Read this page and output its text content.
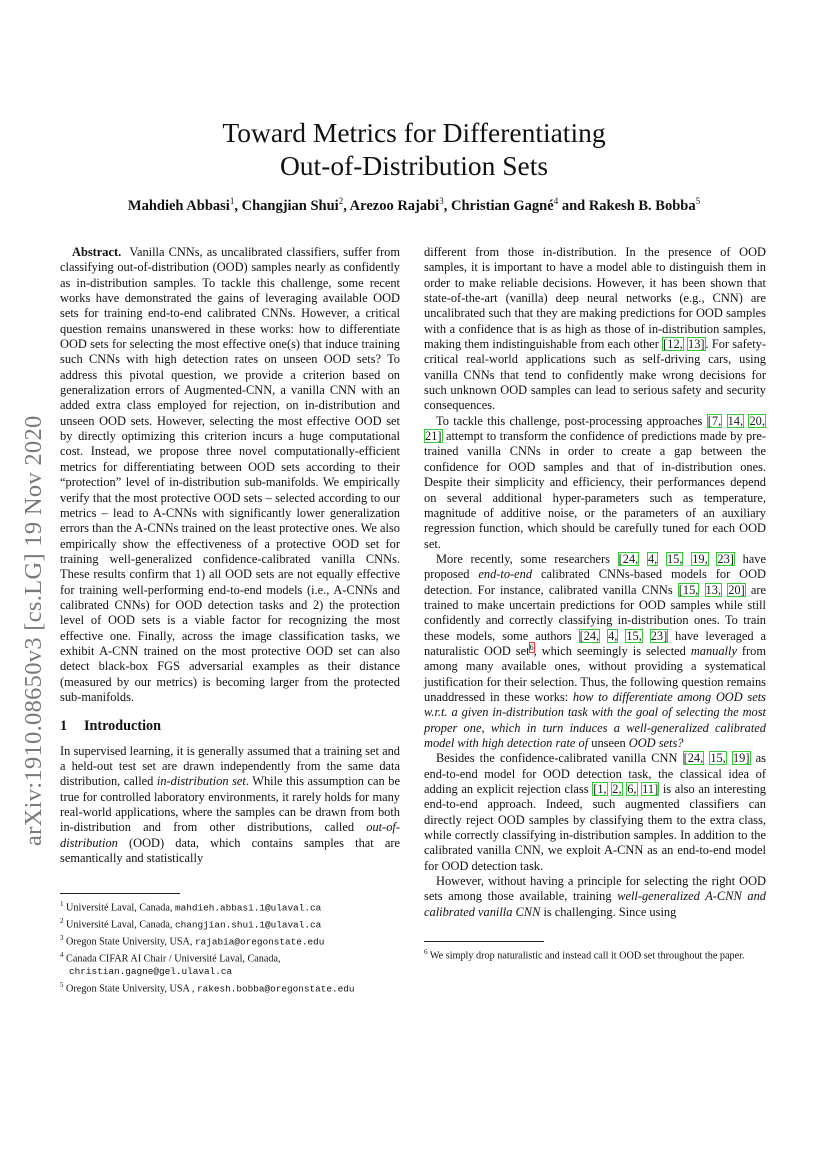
arXiv:1910.08650v3 [cs.LG] 19 Nov 2020
Toward Metrics for Differentiating
Out-of-Distribution Sets
Mahdieh Abbasi$^1$, Changjian Shui$^2$, Arezoo Rajabi$^3$, Christian Gagné$^4$ and Rakesh B. Bobba$^5$

Abstract. Vanilla CNNs, as uncalibrated classifiers, suffer from classifying out-of-distribution (OOD) samples nearly as confidently as in-distribution samples. To tackle this challenge, some recent works have demonstrated the gains of leveraging available OOD sets for training end-to-end calibrated CNNs. However, a critical question remains unanswered in these works: how to differentiate OOD sets for selecting the most effective one(s) that induce training such CNNs with high detection rates on unseen OOD sets? To address this pivotal question, we provide a criterion based on generalization errors of Augmented-CNN, a vanilla CNN with an added extra class employed for rejection, on in-distribution and unseen OOD sets. However, selecting the most effective OOD set by directly optimizing this criterion incurs a huge computational cost. Instead, we propose three novel computationally-efficient metrics for differentiating between OOD sets according to their “protection” level of in-distribution sub-manifolds. We empirically verify that the most protective OOD sets – selected according to our metrics – lead to A-CNNs with significantly lower generalization errors than the A-CNNs trained on the least protective ones. We also empirically show the effectiveness of a protective OOD set for training well-generalized confidence-calibrated vanilla CNNs. These results confirm that 1) all OOD sets are not equally effective for training well-performing end-to-end models (i.e., A-CNNs and calibrated CNNs) for OOD detection tasks and 2) the protection level of OOD sets is a viable factor for recognizing the most effective one. Finally, across the image classification tasks, we exhibit A-CNN trained on the most protective OOD set can also detect black-box FGS adversarial examples as their distance (measured by our metrics) is becoming larger from the protected sub-manifolds.

1 Introduction

In supervised learning, it is generally assumed that a training set and a held-out test set are drawn independently from the same data distribution, called in-distribution set. While this assumption can be true for controlled laboratory environments, it rarely holds for many real-world applications, where the samples can be drawn from both in-distribution and from other distributions, called out-of-distribution (OOD) data, which contains samples that are semantically and statistically

different from those in-distribution. In the presence of OOD samples, it is important to have a model able to distinguish them in order to make reliable decisions. However, it has been shown that state-of-the-art (vanilla) deep neural networks (e.g., CNN) are uncalibrated such that they are making predictions for OOD samples with a confidence that is as high as those of in-distribution samples, making them indistinguishable from each other [12, 13]. For safety-critical real-world applications such as self-driving cars, using vanilla CNNs that tend to confidently make wrong decisions for such unknown OOD samples can lead to serious safety and security consequences.

To tackle this challenge, post-processing approaches [7, 14, 20, 21] attempt to transform the confidence of predictions made by pre-trained vanilla CNNs in order to create a gap between the confidence for OOD samples and that of in-distribution ones. Despite their simplicity and efficiency, their performances depend on several additional hyper-parameters such as temperature, magnitude of additive noise, or the parameters of an auxiliary regression function, which should be carefully tuned for each OOD set.

More recently, some researchers [24, 4, 15, 19, 23] have proposed end-to-end calibrated CNNs-based models for OOD detection. For instance, calibrated vanilla CNNs [15, 13, 20] are trained to make uncertain predictions for OOD samples while still confidently and correctly classifying in-distribution ones. To train these models, some authors [24, 4, 15, 23] have leveraged a naturalistic OOD set$^6$, which seemingly is selected manually from among many available ones, without providing a systematical justification for their selection. Thus, the following question remains unaddressed in these works: how to differentiate among OOD sets w.r.t. a given in-distribution task with the goal of selecting the most proper one, which in turn induces a well-generalized calibrated model with high detection rate of unseen OOD sets?

Besides the confidence-calibrated vanilla CNN [24, 15, 19] as end-to-end model for OOD detection task, the classical idea of adding an explicit rejection class [1, 2, 6, 11] is also an interesting end-to-end approach. Indeed, such augmented classifiers can directly reject OOD samples by classifying them to the extra class, while correctly classifying in-distribution samples. In addition to the calibrated vanilla CNN, we exploit A-CNN as an end-to-end model for OOD detection task.

However, without having a principle for selecting the right OOD sets among those available, training well-generalized A-CNN and calibrated vanilla CNN is challenging. Since using

$^1$ Université Laval, Canada, mahdieh.abbasi.1@ulaval.ca

$^2$ Université Laval, Canada, changjian.shui.1@ulaval.ca

$^3$ Oregon State University, USA, rajabia@oregonstate.edu

$^4$ Canada CIFAR AI Chair / Université Laval, Canada,

christian.gagne@gel.ulaval.ca

$^5$ Oregon State University, USA , rakesh.bobba@oregonstate.edu

$^6$ We simply drop naturalistic and instead call it OOD set throughout the paper.
